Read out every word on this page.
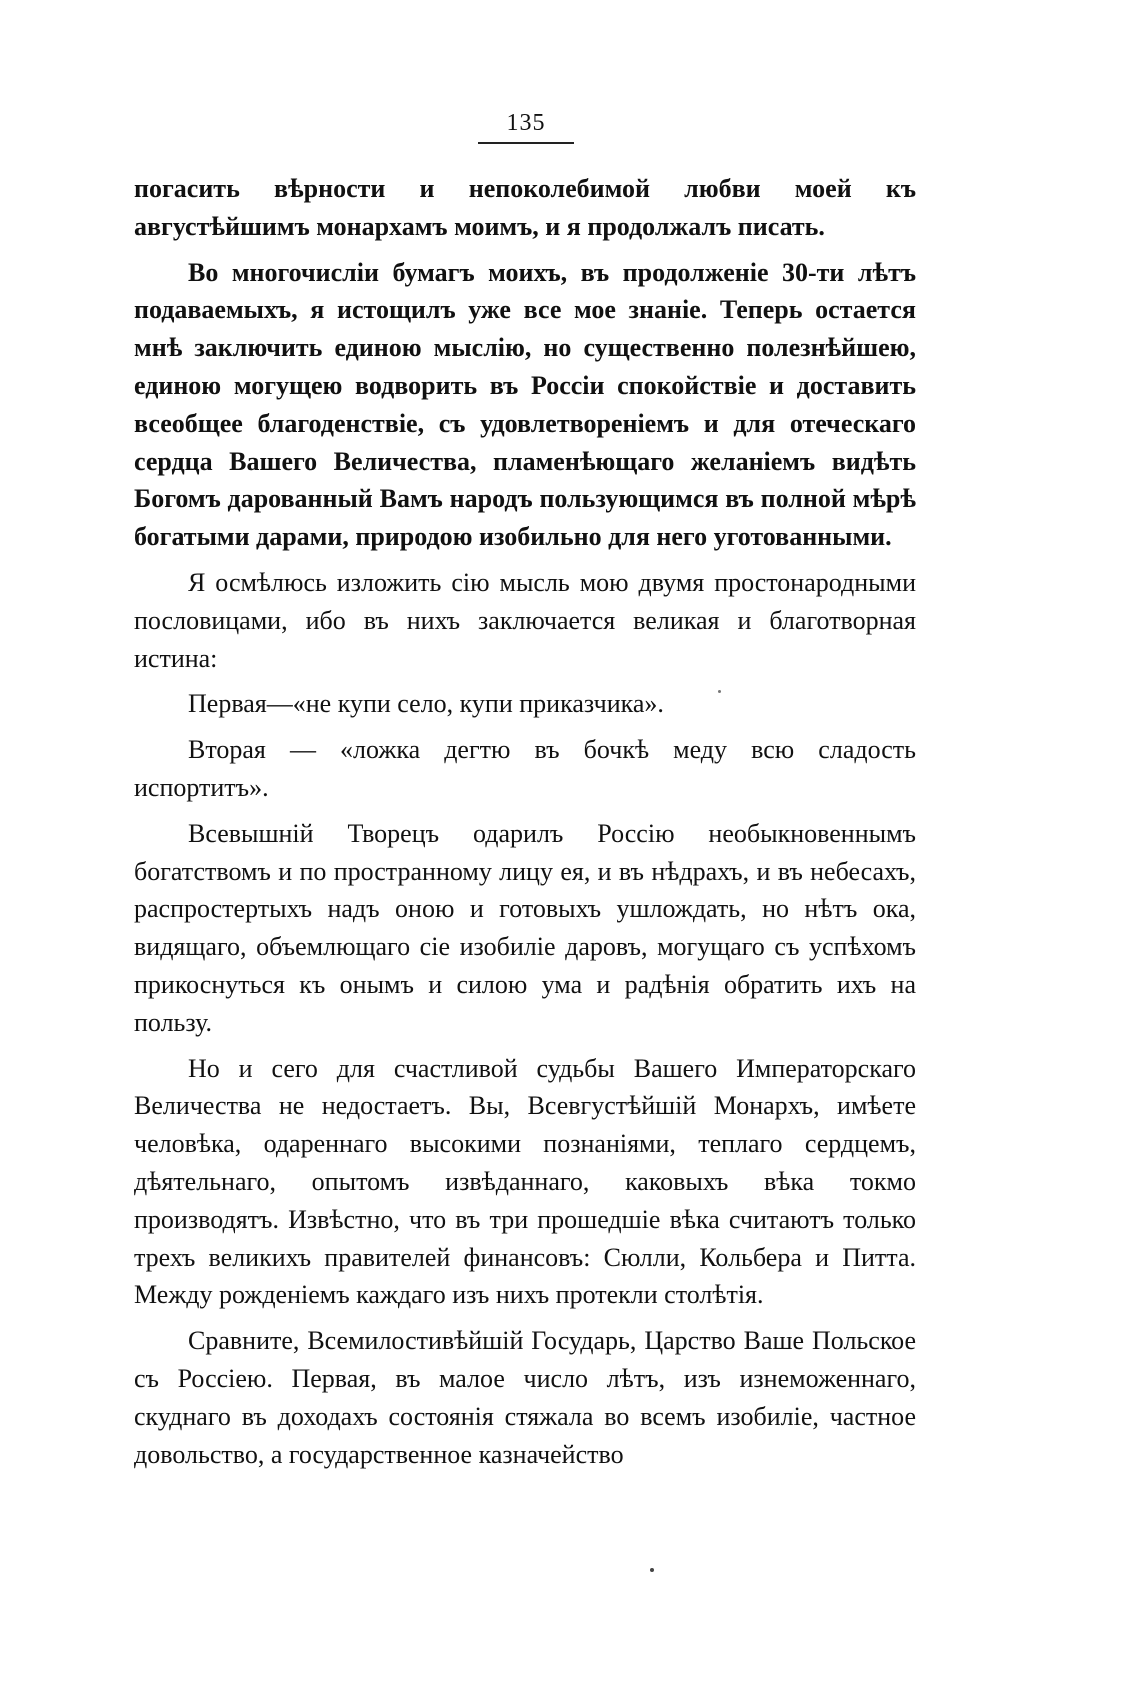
135

погасить вѣрности и непоколебимой любви моей къ августѣйшимъ монархамъ моимъ, и я продолжалъ писать.

Во многочисліи бумагъ моихъ, въ продолженіе 30-ти лѣтъ подаваемыхъ, я истощилъ уже все мое знаніе. Теперь остается мнѣ заключить единою мыслію, но существенно полезнѣйшею, единою могущею водворить въ Россіи спокойствіе и доставить всеобщее благоденствіе, съ удовлетвореніемъ и для отеческаго сердца Вашего Величества, пламенѣющаго желаніемъ видѣть Богомъ дарованный Вамъ народъ пользующимся въ полной мѣрѣ богатыми дарами, природою изобильно для него уготованными.

Я осмѣлюсь изложить сію мысль мою двумя простонародными пословицами, ибо въ нихъ заключается великая и благотворная истина:

Первая—«не купи село, купи приказчика».

Вторая — «ложка дегтю въ бочкѣ меду всю сладость испортитъ».

Всевышній Творецъ одарилъ Россію необыкновеннымъ богатствомъ и по пространному лицу ея, и въ нѣдрахъ, и въ небесахъ, распростертыхъ надъ оною и готовыхъ ушлождать, но нѣтъ ока, видящаго, объемлющаго сіе изобиліе даровъ, могущаго съ успѣхомъ прикоснуться къ онымъ и силою ума и радѣнія обратить ихъ на пользу.

Но и сего для счастливой судьбы Вашего Императорскаго Величества не недостаетъ. Вы, Всевгустѣйшій Монархъ, имѣете человѣка, одареннаго высокими познаніями, теплаго сердцемъ, дѣятельнаго, опытомъ извѣданнаго, каковыхъ вѣка токмо производятъ. Извѣстно, что въ три прошедшіе вѣка считаютъ только трехъ великихъ правителей финансовъ: Сюлли, Кольбера и Питта. Между рожденіемъ каждаго изъ нихъ протекли столѣтія.

Сравните, Всемилостивѣйшій Государь, Царство Ваше Польское съ Россіею. Первая, въ малое число лѣтъ, изъ изнеможеннаго, скуднаго въ доходахъ состоянія стяжала во всемъ изобиліе, частное довольство, а государственное казначейство
